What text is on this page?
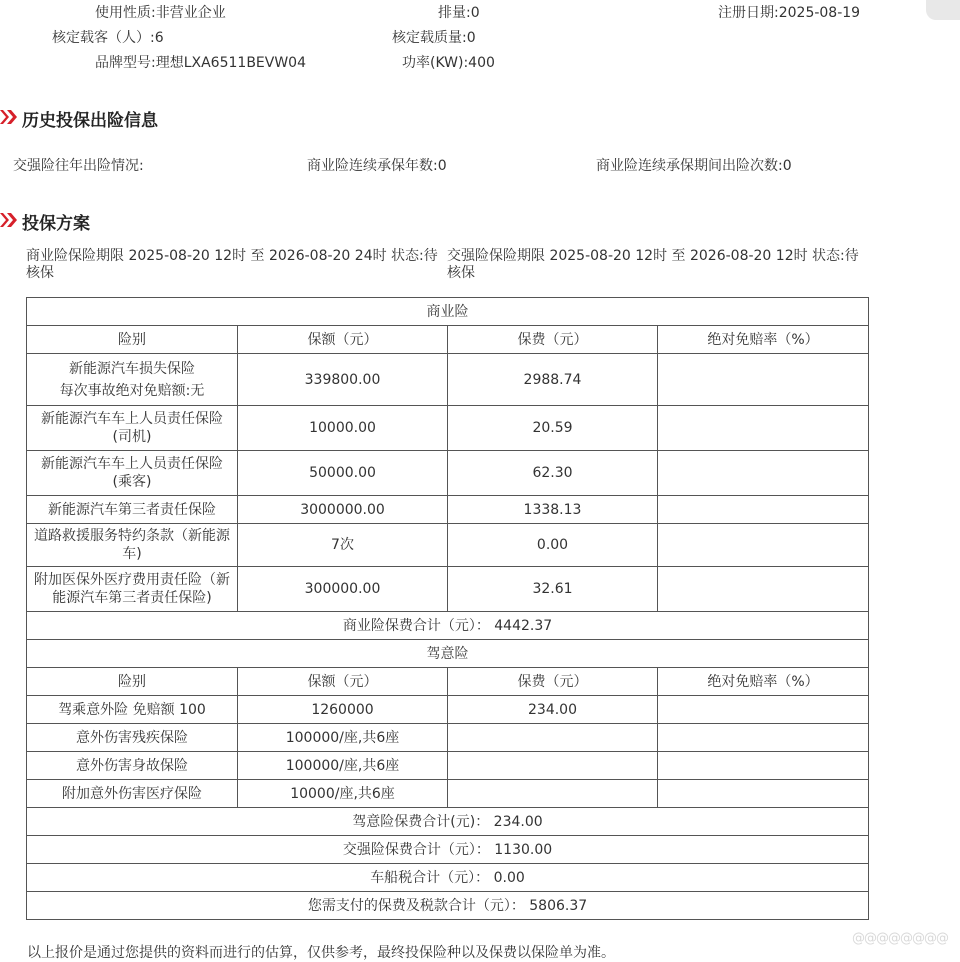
使用性质:非营业企业	排量:0	注册日期:2025-08-19
核定载客（人）:6	核定载质量:0
品牌型号:理想LXA6511BEVW04	功率(KW):400
历史投保出险信息
交强险往年出险情况:	商业险连续承保年数:0	商业险连续承保期间出险次数:0
投保方案
商业险保险期限 2025-08-20 12时 至 2026-08-20 24时 状态:待核保
交强险保险期限 2025-08-20 12时 至 2026-08-20 12时 状态:待核保
商业险			
险别	保额（元）	保费（元）	绝对免赔率（%）

新能源汽车损失保险
每次事故绝对免赔额:无	339800.00	2988.74	

新能源汽车车上人员责任保险
(司机)	10000.00	20.59	

新能源汽车车上人员责任保险
(乘客)	50000.00	62.30	
新能源汽车第三者责任保险	3000000.00	1338.13	

道路救援服务特约条款（新能源
车)	7次	0.00	

附加医保外医疗费用责任险（新
能源汽车第三者责任保险)	300000.00	32.61	
商业险保费合计（元）： 4442.37			
驾意险			
险别	保额（元）	保费（元）	绝对免赔率（%）
驾乘意外险 免赔额 100	1260000	234.00	
意外伤害残疾保险	100000/座,共6座		
意外伤害身故保险	100000/座,共6座		
附加意外伤害医疗保险	10000/座,共6座		
驾意险保费合计(元)： 234.00			
交强险保费合计（元）： 1130.00			
车船税合计（元）： 0.00			
您需支付的保费及税款合计（元）： 5806.37			
以上报价是通过您提供的资料而进行的估算，仅供参考，最终投保险种以及保费以保险单为准。
@@@@@@@@
